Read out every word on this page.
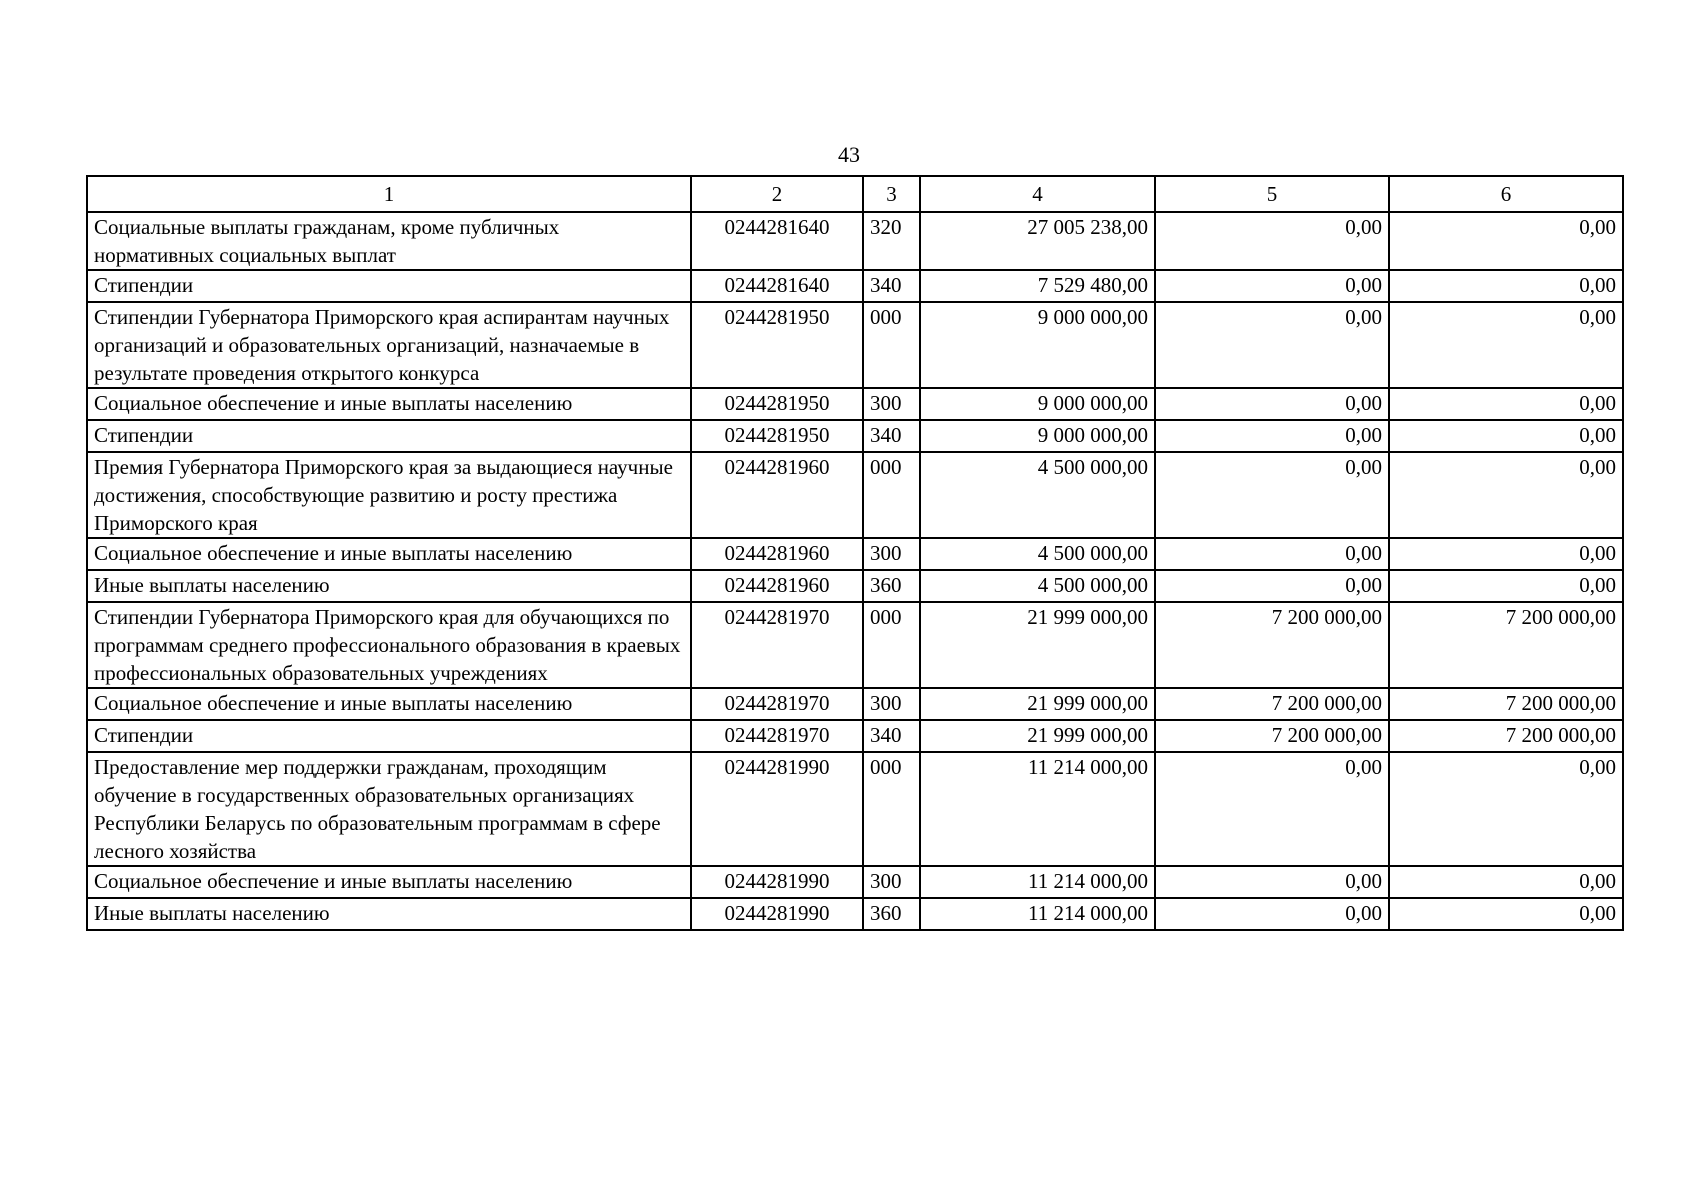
43
1	2	3	4	5	6
Социальные выплаты гражданам, кроме публичных нормативных социальных выплат	0244281640	320	27 005 238,00	0,00	0,00
Стипендии	0244281640	340	7 529 480,00	0,00	0,00
Стипендии Губернатора Приморского края аспирантам научных организаций и образовательных организаций, назначаемые в результате проведения открытого конкурса	0244281950	000	9 000 000,00	0,00	0,00
Социальное обеспечение и иные выплаты населению	0244281950	300	9 000 000,00	0,00	0,00
Стипендии	0244281950	340	9 000 000,00	0,00	0,00
Премия Губернатора Приморского края за выдающиеся научные достижения, способствующие развитию и росту престижа Приморского края	0244281960	000	4 500 000,00	0,00	0,00
Социальное обеспечение и иные выплаты населению	0244281960	300	4 500 000,00	0,00	0,00
Иные выплаты населению	0244281960	360	4 500 000,00	0,00	0,00
Стипендии Губернатора Приморского края для обучающихся по программам среднего профессионального образования в краевых профессиональных образовательных учреждениях	0244281970	000	21 999 000,00	7 200 000,00	7 200 000,00
Социальное обеспечение и иные выплаты населению	0244281970	300	21 999 000,00	7 200 000,00	7 200 000,00
Стипендии	0244281970	340	21 999 000,00	7 200 000,00	7 200 000,00
Предоставление мер поддержки гражданам, проходящим обучение в государственных образовательных организациях Республики Беларусь по образовательным программам в сфере лесного хозяйства	0244281990	000	11 214 000,00	0,00	0,00
Социальное обеспечение и иные выплаты населению	0244281990	300	11 214 000,00	0,00	0,00
Иные выплаты населению	0244281990	360	11 214 000,00	0,00	0,00
